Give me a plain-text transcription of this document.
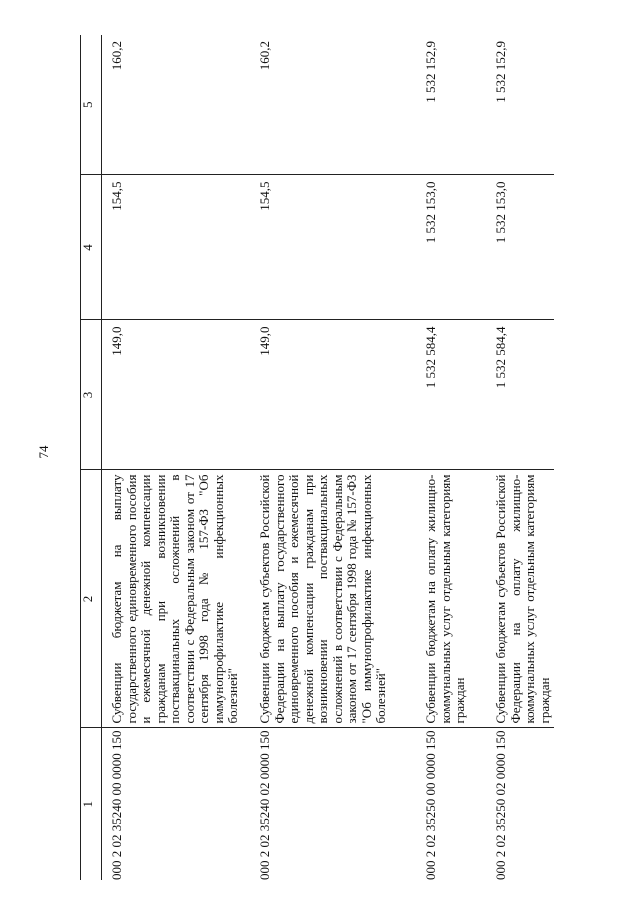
74
1	2	3	4	5
000 2 02 35240 00 0000 150	Субвенции бюджетам на выплату государственного единовременного пособия и ежемесячной денежной компенсации гражданам при возникновении поствакцинальных осложнений в соответствии с Федеральным законом от 17 сентября 1998 года № 157-ФЗ "Об иммунопрофилактике инфекционных болезней"	149,0	154,5	160,2
000 2 02 35240 02 0000 150	Субвенции бюджетам субъектов Российской Федерации на выплату государственного единовременного пособия и ежемесячной денежной компенсации гражданам при возникновении поствакцинальных осложнений в соответствии с Федеральным законом от 17 сентября 1998 года № 157-ФЗ "Об иммунопрофилактике инфекционных болезней"	149,0	154,5	160,2
000 2 02 35250 00 0000 150	Субвенции бюджетам на оплату жилищно-коммунальных услуг отдельным категориям граждан	1 532 584,4	1 532 153,0	1 532 152,9
000 2 02 35250 02 0000 150	Субвенции бюджетам субъектов Российской Федерации на оплату жилищно-коммунальных услуг отдельным категориям граждан	1 532 584,4	1 532 153,0	1 532 152,9
